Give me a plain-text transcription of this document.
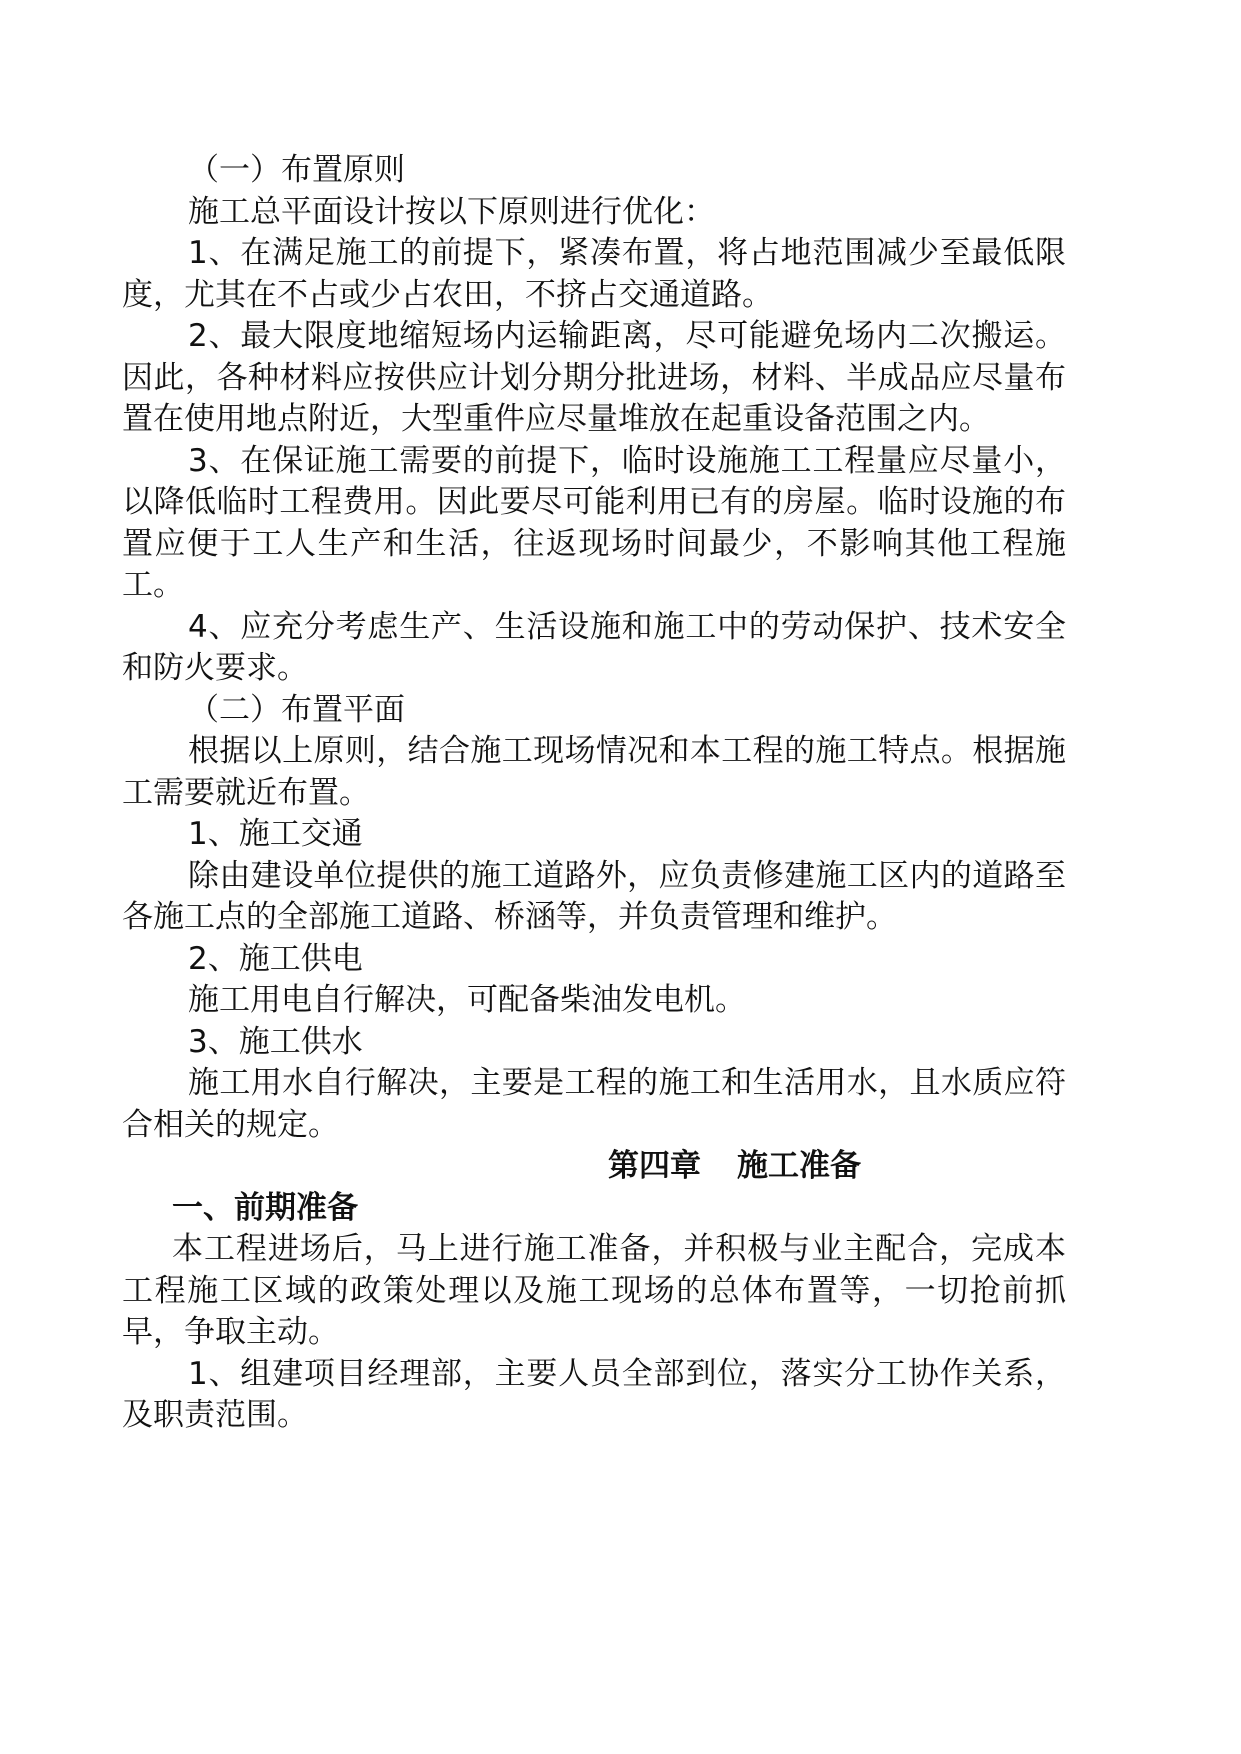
（一）布置原则

施工总平面设计按以下原则进行优化：

1、在满足施工的前提下，紧凑布置，将占地范围减少至最低限度，尤其在不占或少占农田，不挤占交通道路。

2、最大限度地缩短场内运输距离，尽可能避免场内二次搬运。因此，各种材料应按供应计划分期分批进场，材料、半成品应尽量布置在使用地点附近，大型重件应尽量堆放在起重设备范围之内。

3、在保证施工需要的前提下，临时设施施工工程量应尽量小，以降低临时工程费用。因此要尽可能利用已有的房屋。临时设施的布置应便于工人生产和生活，往返现场时间最少，不影响其他工程施工。

4、应充分考虑生产、生活设施和施工中的劳动保护、技术安全和防火要求。

（二）布置平面

根据以上原则，结合施工现场情况和本工程的施工特点。根据施工需要就近布置。

1、施工交通

除由建设单位提供的施工道路外，应负责修建施工区内的道路至各施工点的全部施工道路、桥涵等，并负责管理和维护。

2、施工供电

施工用电自行解决，可配备柴油发电机。

3、施工供水

施工用水自行解决，主要是工程的施工和生活用水，且水质应符合相关的规定。

第四章 施工准备

一、前期准备

本工程进场后，马上进行施工准备，并积极与业主配合，完成本工程施工区域的政策处理以及施工现场的总体布置等，一切抢前抓早，争取主动。

1、组建项目经理部，主要人员全部到位，落实分工协作关系，及职责范围。
